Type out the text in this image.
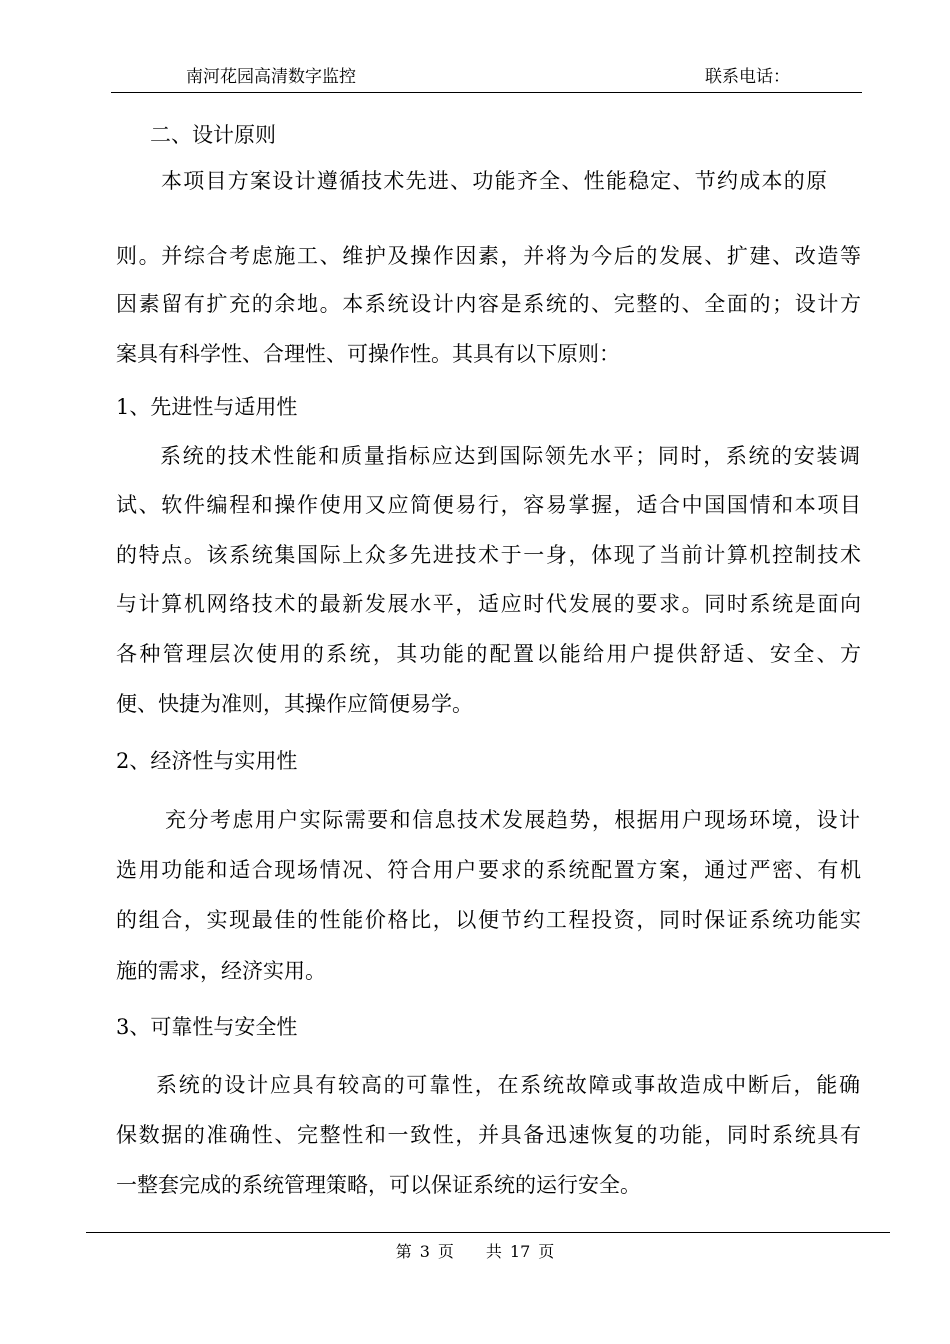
南河花园高清数字监控	联系电话：
二、设计原则
本项目方案设计遵循技术先进、功能齐全、性能稳定、节约成本的原
则。并综合考虑施工、维护及操作因素，并将为今后的发展、扩建、改造等
因素留有扩充的余地。本系统设计内容是系统的、完整的、全面的；设计方
案具有科学性、合理性、可操作性。其具有以下原则：
1、先进性与适用性
系统的技术性能和质量指标应达到国际领先水平；同时，系统的安装调
试、软件编程和操作使用又应简便易行，容易掌握，适合中国国情和本项目
的特点。该系统集国际上众多先进技术于一身，体现了当前计算机控制技术
与计算机网络技术的最新发展水平，适应时代发展的要求。同时系统是面向
各种管理层次使用的系统，其功能的配置以能给用户提供舒适、安全、方
便、快捷为准则，其操作应简便易学。
2、经济性与实用性
充分考虑用户实际需要和信息技术发展趋势，根据用户现场环境，设计
选用功能和适合现场情况、符合用户要求的系统配置方案，通过严密、有机
的组合，实现最佳的性能价格比，以便节约工程投资，同时保证系统功能实
施的需求，经济实用。
3、可靠性与安全性
系统的设计应具有较高的可靠性，在系统故障或事故造成中断后，能确
保数据的准确性、完整性和一致性，并具备迅速恢复的功能，同时系统具有
一整套完成的系统管理策略，可以保证系统的运行安全。
第 3 页 共 17 页
